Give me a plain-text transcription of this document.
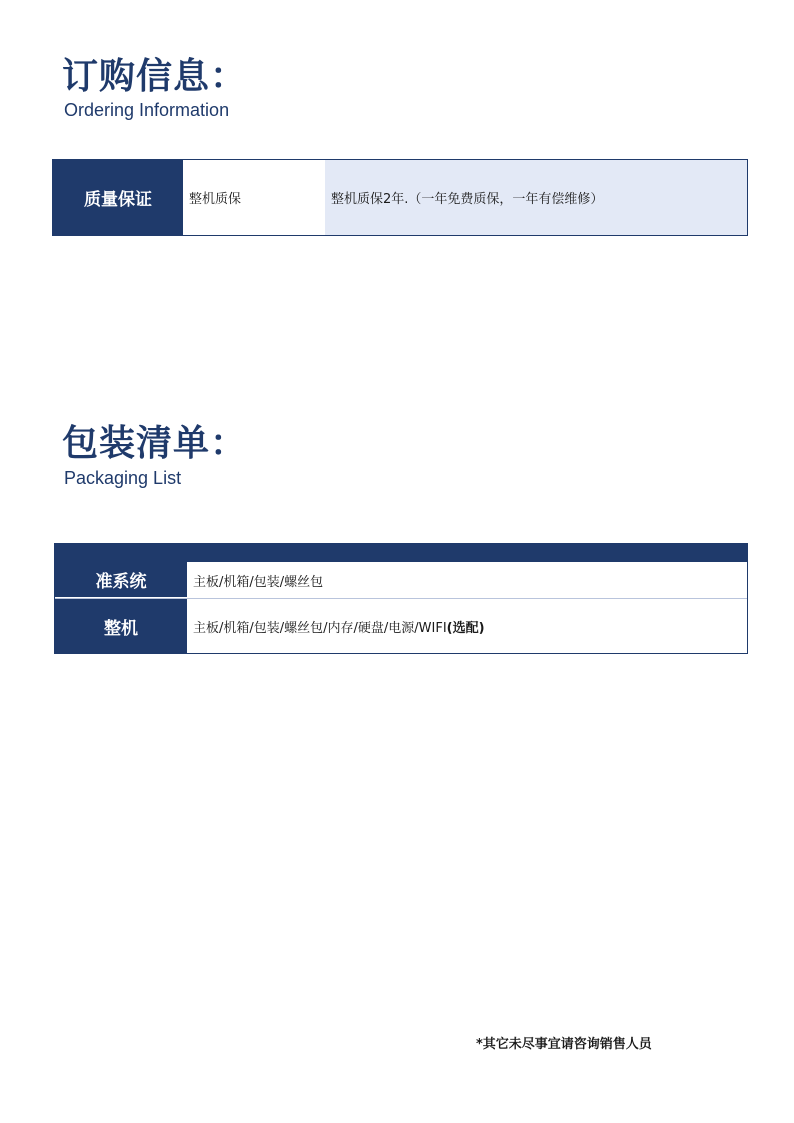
订购信息：
Ordering Information
质量保证	整机质保	整机质保2年.（一年免费质保，一年有偿维修）
包装清单：
Packaging List
准系统	主板/机箱/包装/螺丝包
整机	主板/机箱/包装/螺丝包/内存/硬盘/电源/WIFI (选配)
*其它未尽事宜请咨询销售人员
